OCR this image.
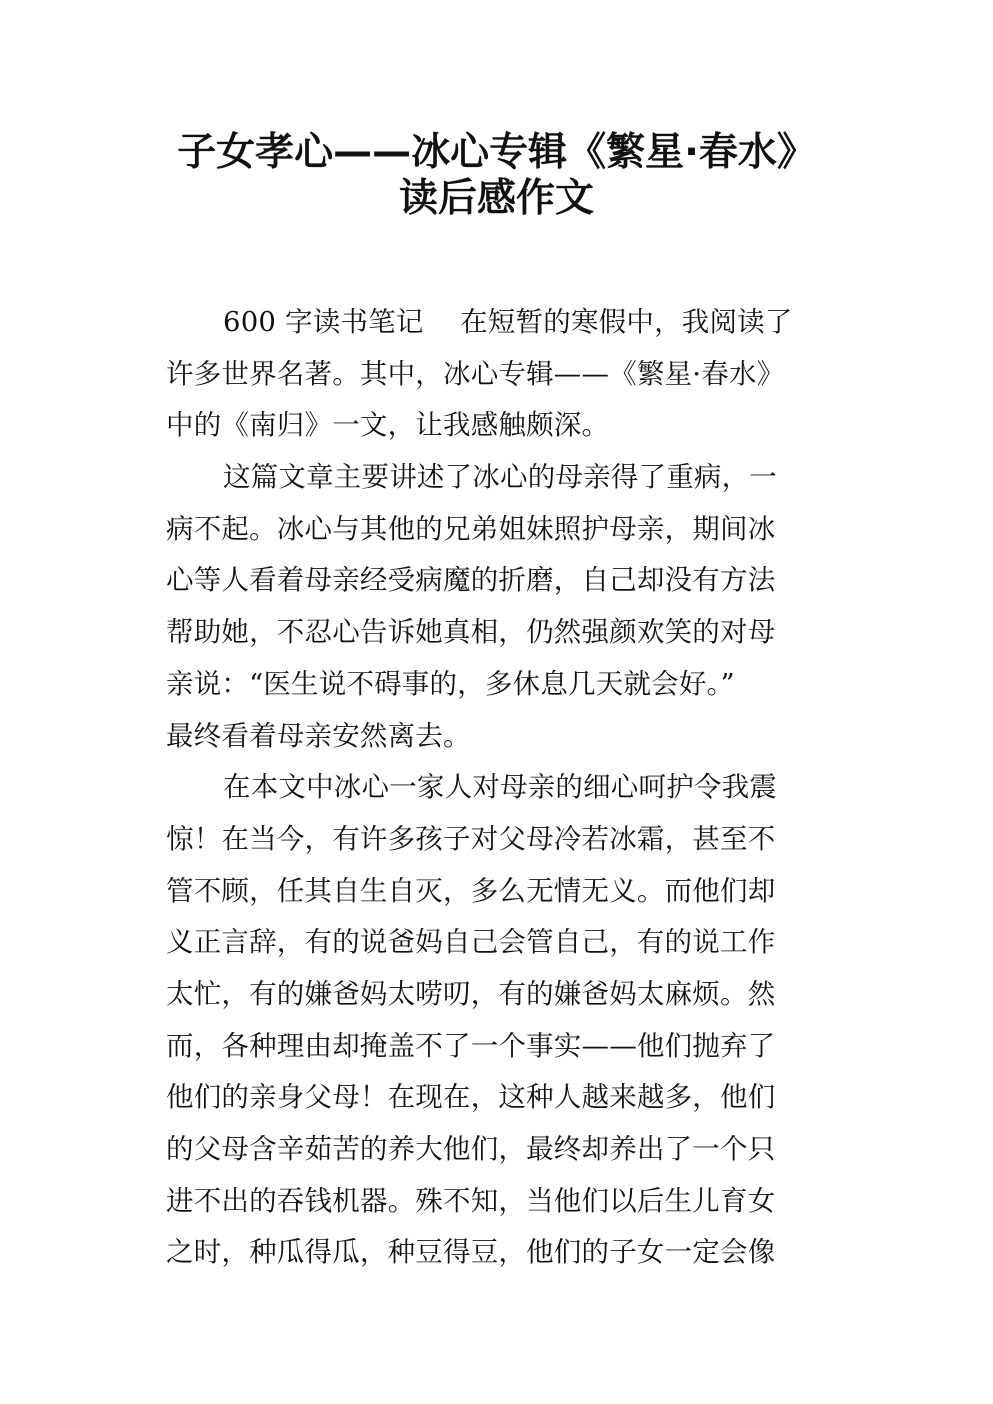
子女孝心——冰心专辑《繁星·春水》
读后感作文
600 字读书笔记　 在短暂的寒假中，我阅读了
许多世界名著。其中，冰心专辑——《繁星·春水》
中的《南归》一文，让我感触颇深。
这篇文章主要讲述了冰心的母亲得了重病，一
病不起。冰心与其他的兄弟姐妹照护母亲，期间冰
心等人看着母亲经受病魔的折磨，自己却没有方法
帮助她，不忍心告诉她真相，仍然强颜欢笑的对母
亲说：“医生说不碍事的，多休息几天就会好。”
最终看着母亲安然离去。
在本文中冰心一家人对母亲的细心呵护令我震
惊！在当今，有许多孩子对父母冷若冰霜，甚至不
管不顾，任其自生自灭，多么无情无义。而他们却
义正言辞，有的说爸妈自己会管自己，有的说工作
太忙，有的嫌爸妈太唠叨，有的嫌爸妈太麻烦。然
而，各种理由却掩盖不了一个事实——他们抛弃了
他们的亲身父母！在现在，这种人越来越多，他们
的父母含辛茹苦的养大他们，最终却养出了一个只
进不出的吞钱机器。殊不知，当他们以后生儿育女
之时，种瓜得瓜，种豆得豆，他们的子女一定会像
